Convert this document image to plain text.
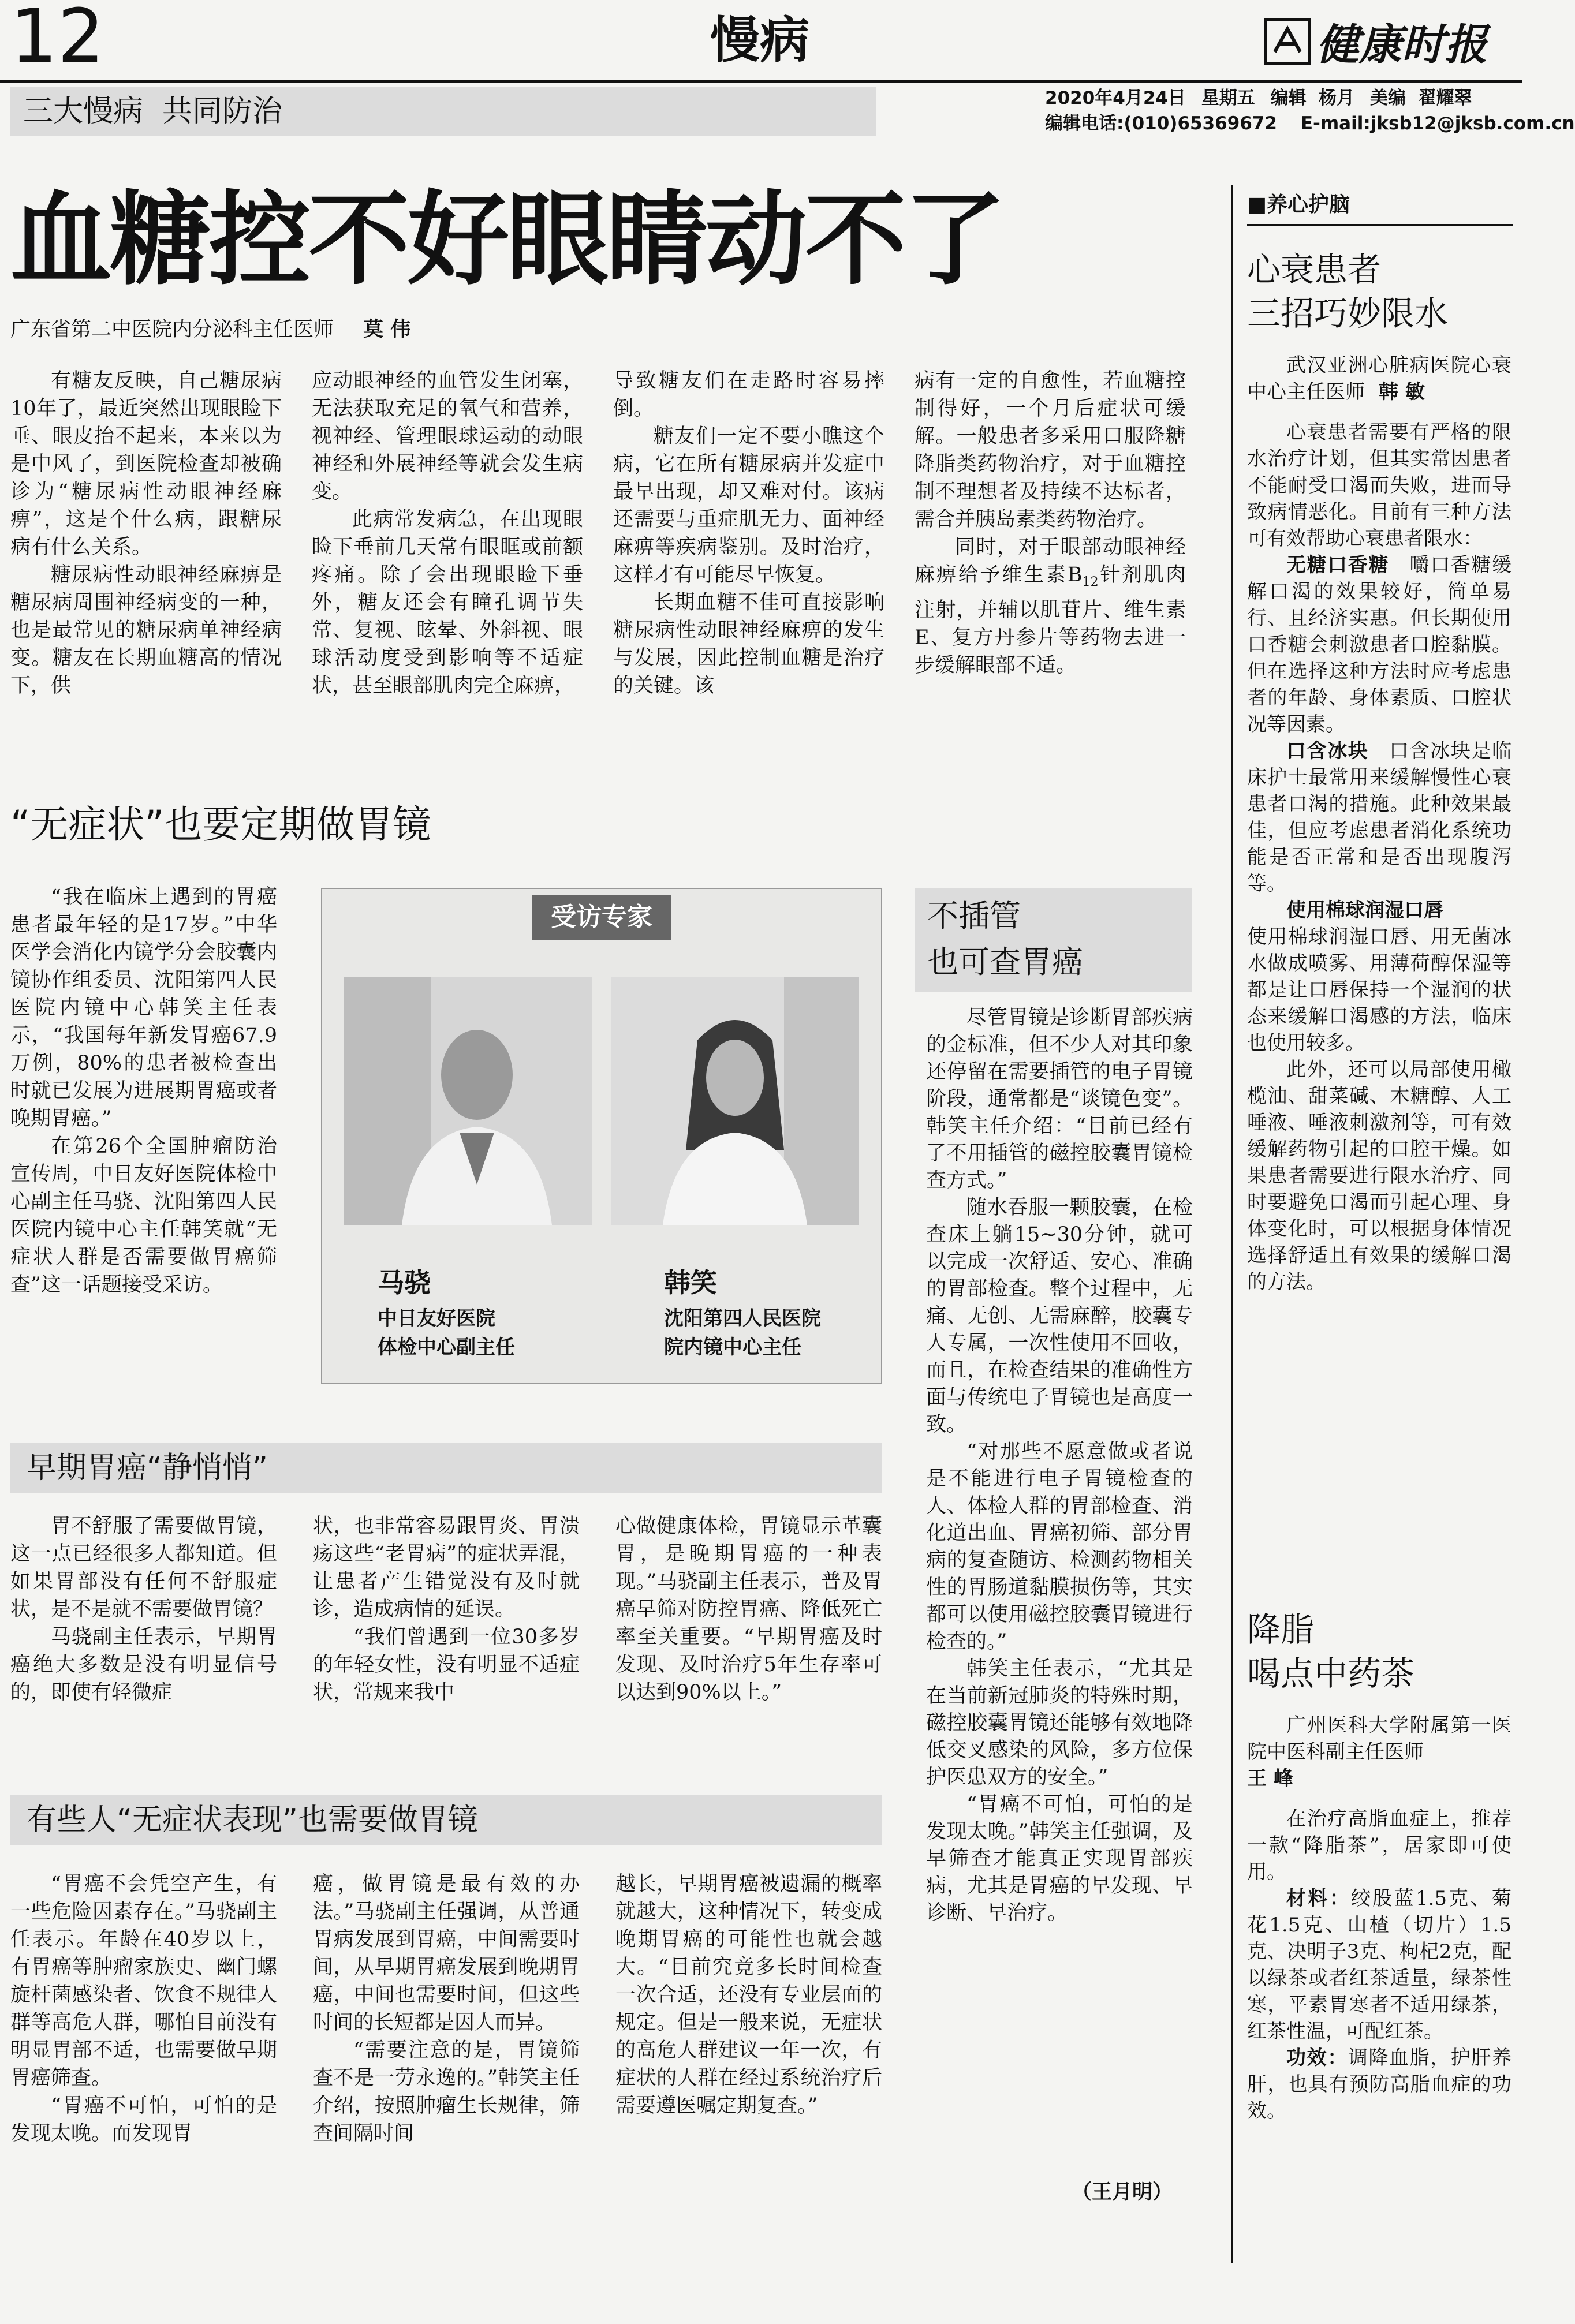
12	慢病	健康时报
三大慢病  共同防治	2020年4月24日 星期五 编辑  杨月 美编  翟耀翠
编辑电话:(010)65369672 E-mail:jksb12@jksb.com.cn
血糖控不好眼睛动不了
广东省第二中医院内分泌科主任医师 莫 伟

有糖友反映，自己糖尿病10年了，最近突然出现眼睑下垂、眼皮抬不起来，本来以为是中风了，到医院检查却被确诊为“糖尿病性动眼神经麻痹”，这是个什么病，跟糖尿病有什么关系。

糖尿病性动眼神经麻痹是糖尿病周围神经病变的一种，也是最常见的糖尿病单神经病变。糖友在长期血糖高的情况下，供

应动眼神经的血管发生闭塞，无法获取充足的氧气和营养，视神经、管理眼球运动的动眼神经和外展神经等就会发生病变。

此病常发病急，在出现眼睑下垂前几天常有眼眶或前额疼痛。除了会出现眼睑下垂外，糖友还会有瞳孔调节失常、复视、眩晕、外斜视、眼球活动度受到影响等不适症状，甚至眼部肌肉完全麻痹，

导致糖友们在走路时容易摔倒。

糖友们一定不要小瞧这个病，它在所有糖尿病并发症中最早出现，却又难对付。该病还需要与重症肌无力、面神经麻痹等疾病鉴别。及时治疗，这样才有可能尽早恢复。

长期血糖不佳可直接影响糖尿病性动眼神经麻痹的发生与发展，因此控制血糖是治疗的关键。该

病有一定的自愈性，若血糖控制得好，一个月后症状可缓解。一般患者多采用口服降糖降脂类药物治疗，对于血糖控制不理想者及持续不达标者，需合并胰岛素类药物治疗。

同时，对于眼部动眼神经麻痹给予维生素$B_{12}$针剂肌肉注射，并辅以肌苷片、维生素E、复方丹参片等药物去进一步缓解眼部不适。

“无症状”也要定期做胃镜

“我在临床上遇到的胃癌患者最年轻的是17岁。”中华医学会消化内镜学分会胶囊内镜协作组委员、沈阳第四人民医院内镜中心韩笑主任表示，“我国每年新发胃癌67.9万例，80%的患者被检查出时就已发展为进展期胃癌或者晚期胃癌。”

在第26个全国肿瘤防治宣传周，中日友好医院体检中心副主任马骁、沈阳第四人民医院内镜中心主任韩笑就“无症状人群是否需要做胃癌筛查”这一话题接受采访。

受访专家
马骁
中日友好医院
体检中心副主任
韩笑
沈阳第四人民医院
院内镜中心主任
早期胃癌“静悄悄”

胃不舒服了需要做胃镜，这一点已经很多人都知道。但如果胃部没有任何不舒服症状，是不是就不需要做胃镜？

马骁副主任表示，早期胃癌绝大多数是没有明显信号的，即使有轻微症

状，也非常容易跟胃炎、胃溃疡这些“老胃病”的症状弄混，让患者产生错觉没有及时就诊，造成病情的延误。

“我们曾遇到一位30多岁的年轻女性，没有明显不适症状，常规来我中

心做健康体检，胃镜显示革囊胃，是晚期胃癌的一种表现。”马骁副主任表示，普及胃癌早筛对防控胃癌、降低死亡率至关重要。“早期胃癌及时发现、及时治疗5年生存率可以达到90%以上。”

有些人“无症状表现”也需要做胃镜

“胃癌不会凭空产生，有一些危险因素存在。”马骁副主任表示。年龄在40岁以上，有胃癌等肿瘤家族史、幽门螺旋杆菌感染者、饮食不规律人群等高危人群，哪怕目前没有明显胃部不适，也需要做早期胃癌筛查。

“胃癌不可怕，可怕的是发现太晚。而发现胃

癌，做胃镜是最有效的办法。”马骁副主任强调，从普通胃病发展到胃癌，中间需要时间，从早期胃癌发展到晚期胃癌，中间也需要时间，但这些时间的长短都是因人而异。

“需要注意的是，胃镜筛查不是一劳永逸的。”韩笑主任介绍，按照肿瘤生长规律，筛查间隔时间

越长，早期胃癌被遗漏的概率就越大，这种情况下，转变成晚期胃癌的可能性也就会越大。“目前究竟多长时间检查一次合适，还没有专业层面的规定。但是一般来说，无症状的高危人群建议一年一次，有症状的人群在经过系统治疗后需要遵医嘱定期复查。”

不插管
也可查胃癌

尽管胃镜是诊断胃部疾病的金标准，但不少人对其印象还停留在需要插管的电子胃镜阶段，通常都是“谈镜色变”。韩笑主任介绍：“目前已经有了不用插管的磁控胶囊胃镜检查方式。”

随水吞服一颗胶囊，在检查床上躺15~30分钟，就可以完成一次舒适、安心、准确的胃部检查。整个过程中，无痛、无创、无需麻醉，胶囊专人专属，一次性使用不回收，而且，在检查结果的准确性方面与传统电子胃镜也是高度一致。

“对那些不愿意做或者说是不能进行电子胃镜检查的人、体检人群的胃部检查、消化道出血、胃癌初筛、部分胃病的复查随访、检测药物相关性的胃肠道黏膜损伤等，其实都可以使用磁控胶囊胃镜进行检查的。”

韩笑主任表示，“尤其是在当前新冠肺炎的特殊时期，磁控胶囊胃镜还能够有效地降低交叉感染的风险，多方位保护医患双方的安全。”

“胃癌不可怕，可怕的是发现太晚。”韩笑主任强调，及早筛查才能真正实现胃部疾病，尤其是胃癌的早发现、早诊断、早治疗。

（王月明）
■养心护脑
心衰患者
三招巧妙限水

武汉亚洲心脏病医院心衰中心主任医师 韩 敏

心衰患者需要有严格的限水治疗计划，但其实常因患者不能耐受口渴而失败，进而导致病情恶化。目前有三种方法可有效帮助心衰患者限水：

无糖口香糖　 嚼口香糖缓解口渴的效果较好，简单易行、且经济实惠。但长期使用口香糖会刺激患者口腔黏膜。但在选择这种方法时应考虑患者的年龄、身体素质、口腔状况等因素。

口含冰块　 口含冰块是临床护士最常用来缓解慢性心衰患者口渴的措施。此种效果最佳，但应考虑患者消化系统功能是否正常和是否出现腹泻等。

使用棉球润湿口唇

使用棉球润湿口唇、用无菌冰水做成喷雾、用薄荷醇保湿等都是让口唇保持一个湿润的状态来缓解口渴感的方法，临床也使用较多。

此外，还可以局部使用橄榄油、甜菜碱、木糖醇、人工唾液、唾液刺激剂等，可有效缓解药物引起的口腔干燥。如果患者需要进行限水治疗、同时要避免口渴而引起心理、身体变化时，可以根据身体情况选择舒适且有效果的缓解口渴的方法。

降脂
喝点中药茶

广州医科大学附属第一医院中医科副主任医师

王 峰

在治疗高脂血症上，推荐一款“降脂茶”，居家即可使用。

材料：绞股蓝1.5克、菊花1.5克、山楂（切片）1.5克、决明子3克、枸杞2克，配以绿茶或者红茶适量，绿茶性寒，平素胃寒者不适用绿茶，红茶性温，可配红茶。

功效：调降血脂，护肝养肝，也具有预防高脂血症的功效。
